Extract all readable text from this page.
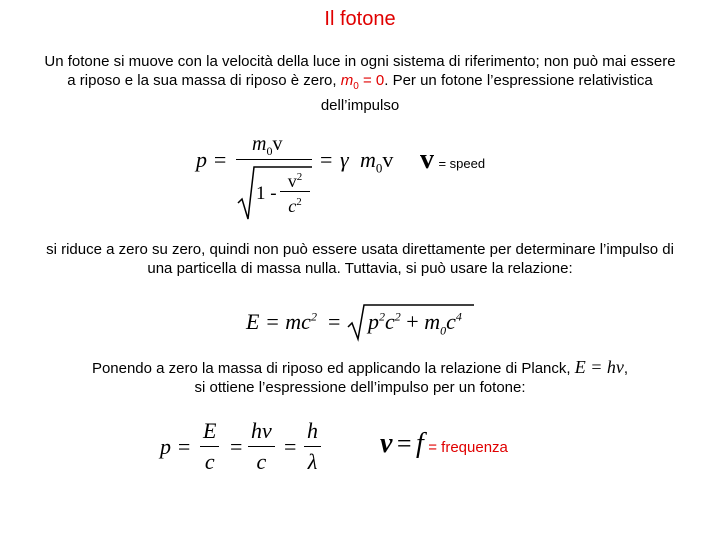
Il fotone
Un fotone si muove con la velocità della luce in ogni sistema di riferimento; non può mai essere a riposo e la sua massa di riposo è zero, $m_0 = 0$. Per un fotone l’espressione relativistica dell’impulso
p =
$m_0v$
1 -
$v^2$
$c^2$
= γ $m_0v$ v = speed
si riduce a zero su zero, quindi non può essere usata direttamente per determinare l’impulso di una particella di massa nulla. Tuttavia, si può usare la relazione:
$E = mc^2 = p^2c^2 + m_0c^4$
Ponendo a zero la massa di riposo ed applicando la relazione di Planck, E = hν,
si ottiene l’espressione dell’impulso per un fotone:
$p = \frac{E}{c} = \frac{h\nu}{c} = \frac{h}{\lambda}$ ν = f = frequenza
